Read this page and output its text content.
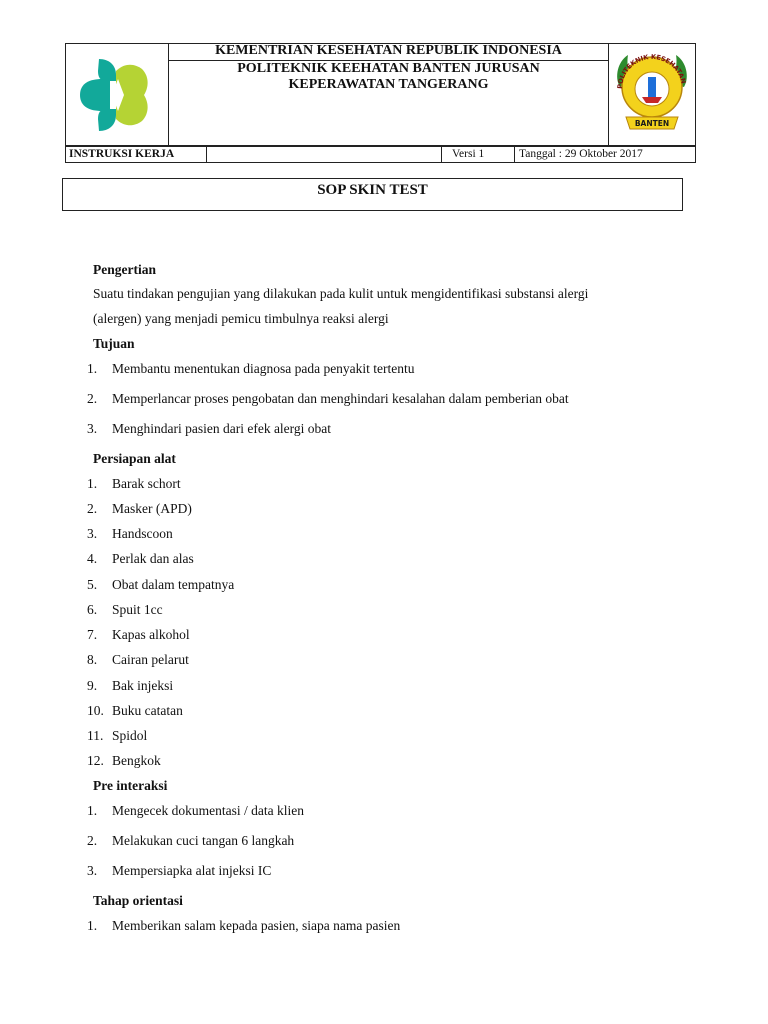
KEMENTRIAN KESEHATAN REPUBLIK INDONESIA
POLITEKNIK KEEHATAN BANTEN JURUSAN
KEPERAWATAN TANGERANG	POLITEKNIK KESEHATAN
BANTEN
INSTRUKSI KERJA	Versi 1	Tanggal : 29 Oktober 2017
SOP SKIN TEST
Pengertian
Suatu tindakan pengujian yang dilakukan pada kulit untuk mengidentifikasi substansi alergi
(alergen) yang menjadi pemicu timbulnya reaksi alergi
Tujuan
1. Membantu menentukan diagnosa pada penyakit tertentu
2. Memperlancar proses pengobatan dan menghindari kesalahan dalam pemberian obat
3. Menghindari pasien dari efek alergi obat
Persiapan alat
1. Barak schort
2. Masker (APD)
3. Handscoon
4. Perlak dan alas
5. Obat dalam tempatnya
6. Spuit 1cc
7. Kapas alkohol
8. Cairan pelarut
9. Bak injeksi
10. Buku catatan
11. Spidol
12. Bengkok
Pre interaksi
1. Mengecek dokumentasi / data klien
2. Melakukan cuci tangan 6 langkah
3. Mempersiapka alat injeksi IC
Tahap orientasi
1. Memberikan salam kepada pasien, siapa nama pasien
